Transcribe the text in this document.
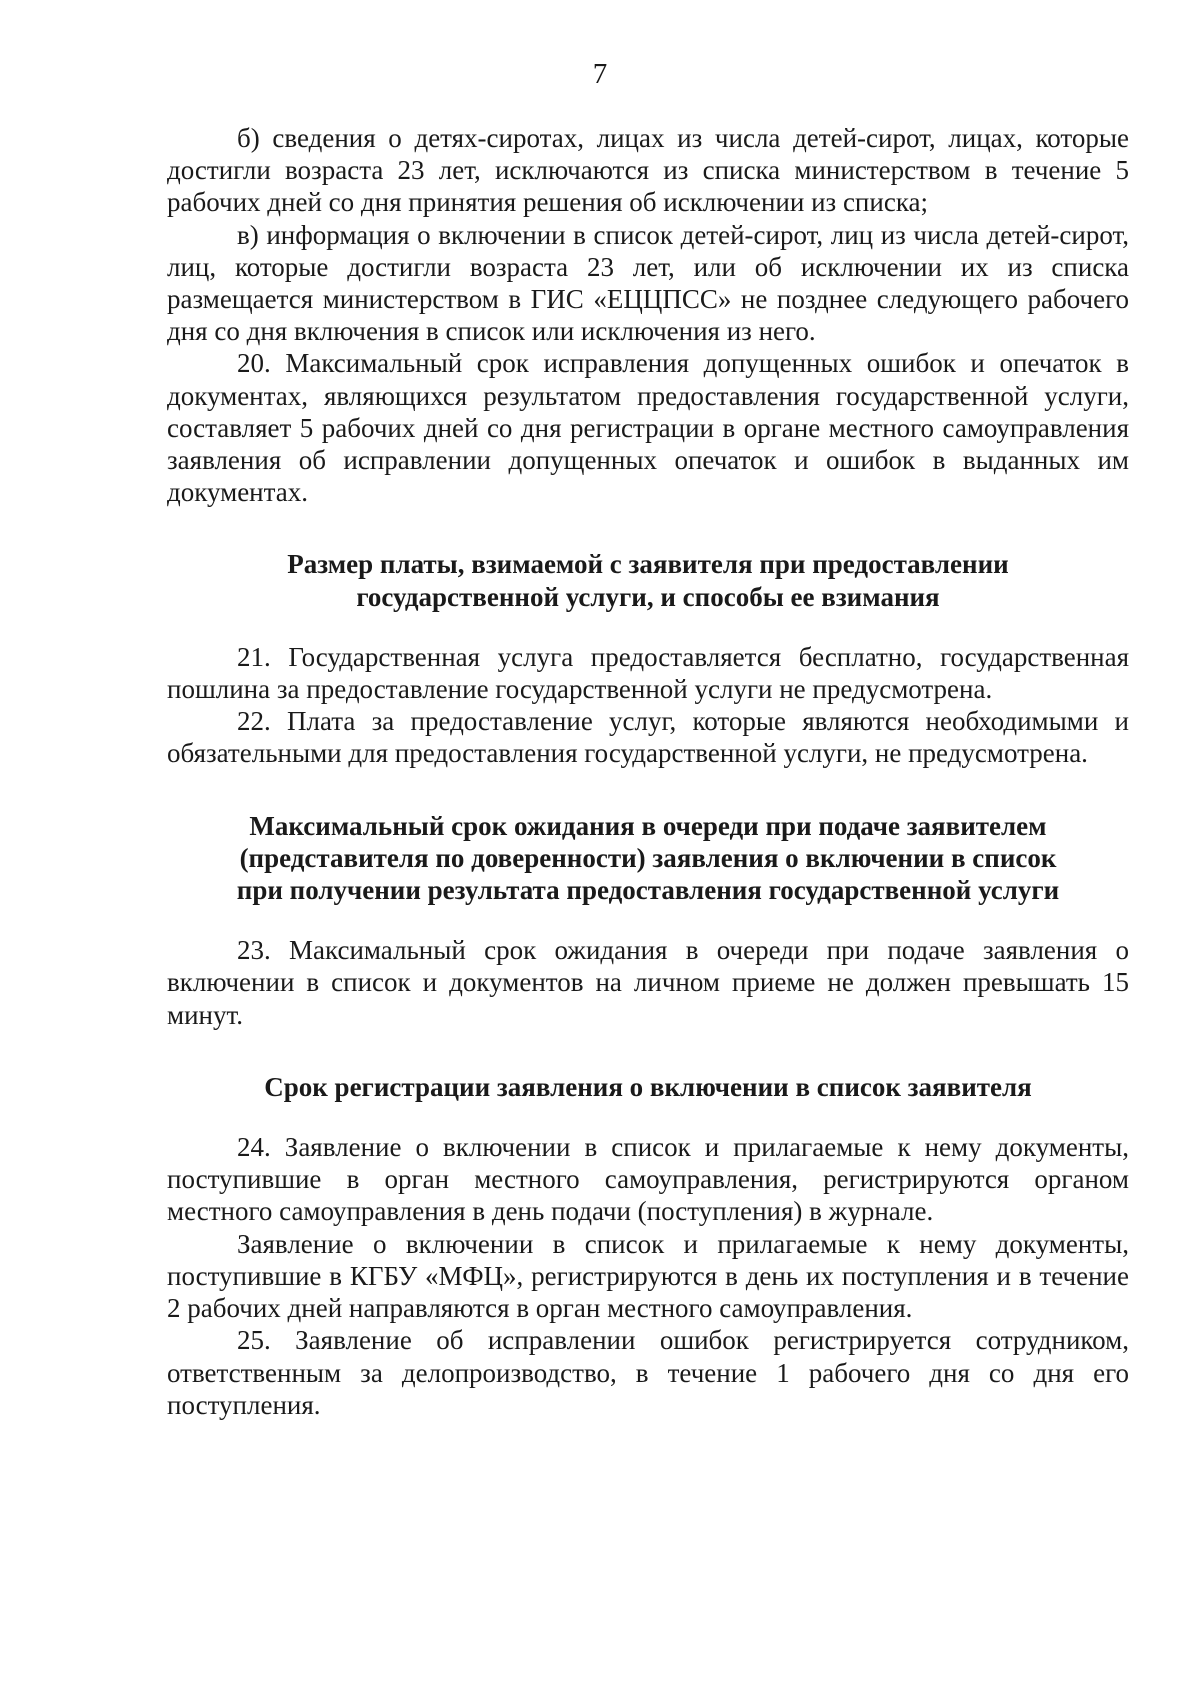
7

б) сведения о детях-сиротах, лицах из числа детей-сирот, лицах, которые достигли возраста 23 лет, исключаются из списка министерством в течение 5 рабочих дней со дня принятия решения об исключении из списка;

в) информация о включении в список детей-сирот, лиц из числа детей-сирот, лиц, которые достигли возраста 23 лет, или об исключении их из списка размещается министерством в ГИС «ЕЦЦПСС» не позднее следующего рабочего дня со дня включения в список или исключения из него.

20. Максимальный срок исправления допущенных ошибок и опечаток в документах, являющихся результатом предоставления государственной услуги, составляет 5 рабочих дней со дня регистрации в органе местного самоуправления заявления об исправлении допущенных опечаток и ошибок в выданных им документах.

Размер платы, взимаемой с заявителя при предоставлении
государственной услуги, и способы ее взимания

21. Государственная услуга предоставляется бесплатно, государственная пошлина за предоставление государственной услуги не предусмотрена.

22. Плата за предоставление услуг, которые являются необходимыми и обязательными для предоставления государственной услуги, не предусмотрена.

Максимальный срок ожидания в очереди при подаче заявителем
(представителя по доверенности) заявления о включении в список
при получении результата предоставления государственной услуги

23. Максимальный срок ожидания в очереди при подаче заявления о включении в список и документов на личном приеме не должен превышать 15 минут.

Срок регистрации заявления о включении в список заявителя

24. Заявление о включении в список и прилагаемые к нему документы, поступившие в орган местного самоуправления, регистрируются органом местного самоуправления в день подачи (поступления) в журнале.

Заявление о включении в список и прилагаемые к нему документы, поступившие в КГБУ «МФЦ», регистрируются в день их поступления и в течение 2 рабочих дней направляются в орган местного самоуправления.

25. Заявление об исправлении ошибок регистрируется сотрудником, ответственным за делопроизводство, в течение 1 рабочего дня со дня его поступления.
